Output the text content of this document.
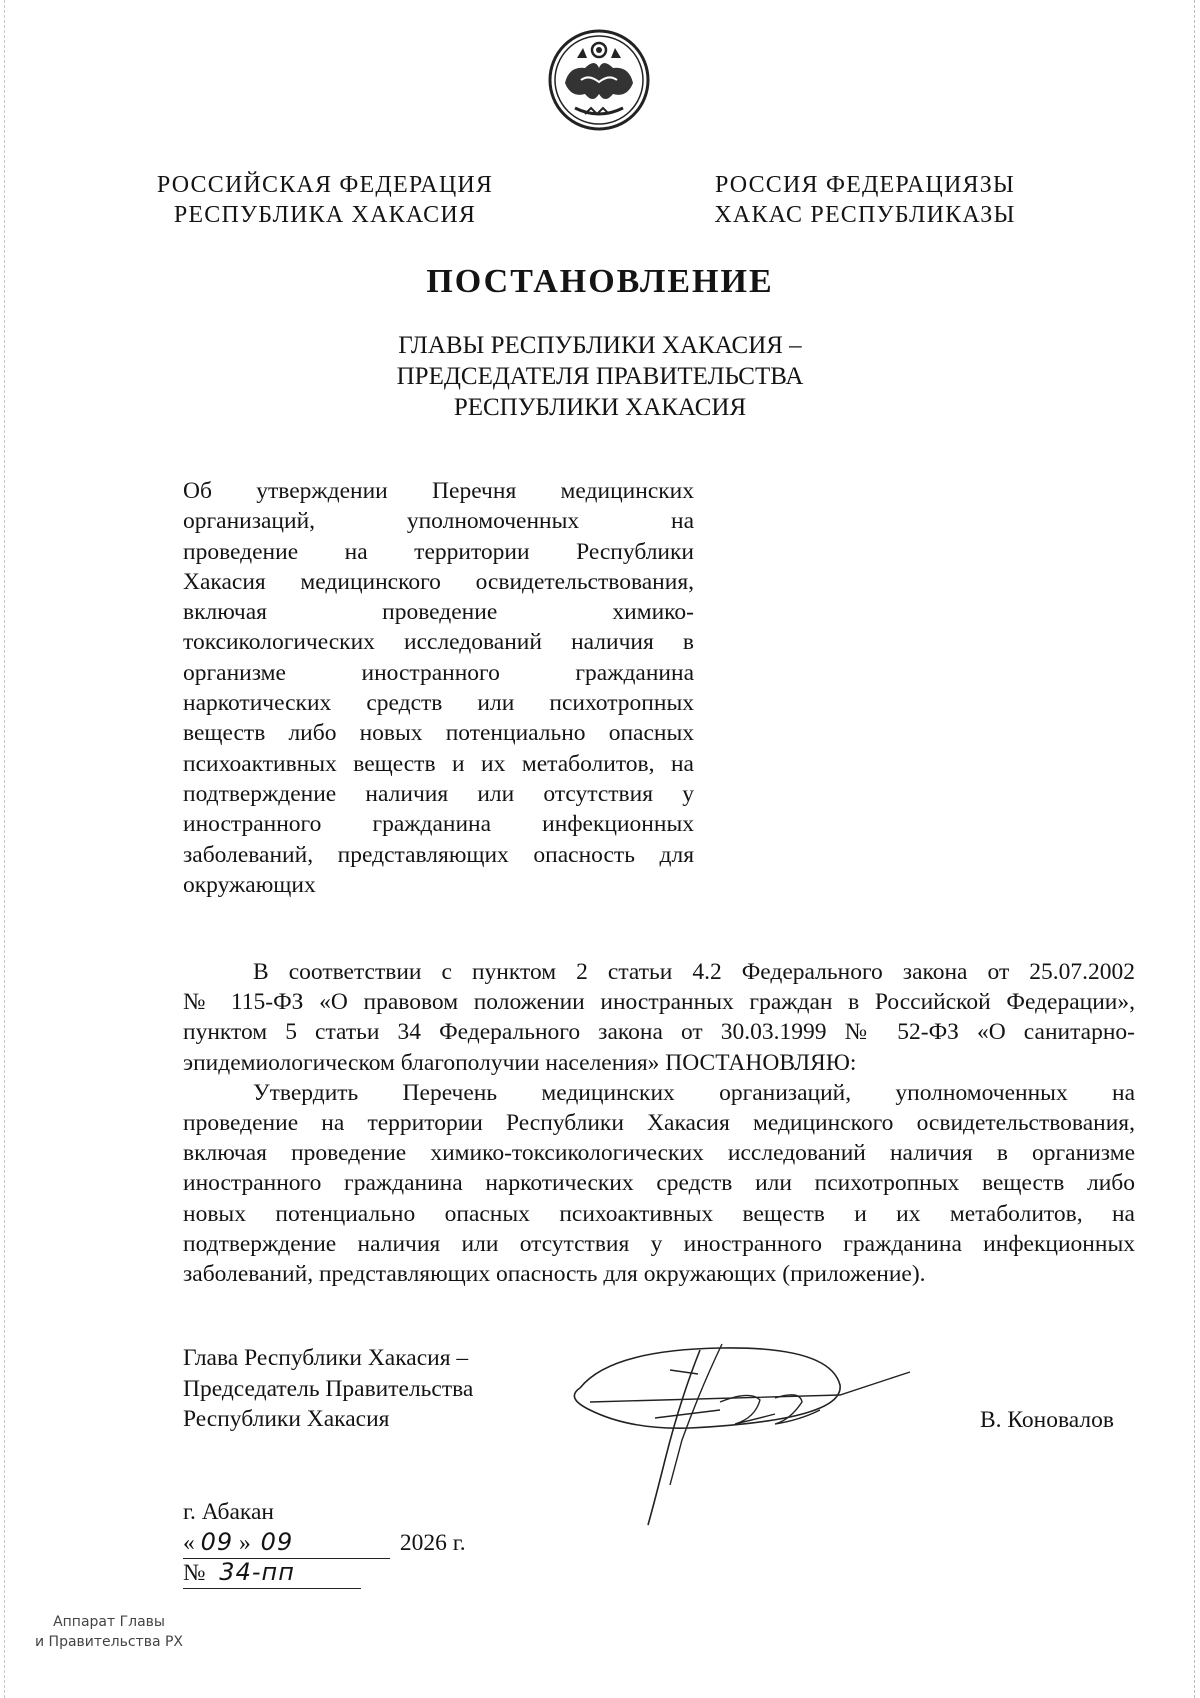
РОССИЙСКАЯ ФЕДЕРАЦИЯ
РЕСПУБЛИКА ХАКАСИЯ
РОССИЯ ФЕДЕРАЦИЯЗЫ
ХАКАС РЕСПУБЛИКАЗЫ
ПОСТАНОВЛЕНИЕ
ГЛАВЫ РЕСПУБЛИКИ ХАКАСИЯ –
ПРЕДСЕДАТЕЛЯ ПРАВИТЕЛЬСТВА
РЕСПУБЛИКИ ХАКАСИЯ
Об утверждении Перечня медицинских
организаций, уполномоченных на
проведение на территории Республики
Хакасия медицинского освидетельствования,
включая проведение химико-
токсикологических исследований наличия в
организме иностранного гражданина
наркотических средств или психотропных
веществ либо новых потенциально опасных
психоактивных веществ и их метаболитов, на
подтверждение наличия или отсутствия у
иностранного гражданина инфекционных
заболеваний, представляющих опасность для
окружающих
В соответствии с пунктом 2 статьи 4.2 Федерального закона от 25.07.2002
№ 115-ФЗ «О правовом положении иностранных граждан в Российской Федерации»,
пунктом 5 статьи 34 Федерального закона от 30.03.1999 № 52-ФЗ «О санитарно-
эпидемиологическом благополучии населения» ПОСТАНОВЛЯЮ:
Утвердить Перечень медицинских организаций, уполномоченных на
проведение на территории Республики Хакасия медицинского освидетельствования,
включая проведение химико-токсикологических исследований наличия в организме
иностранного гражданина наркотических средств или психотропных веществ либо
новых потенциально опасных психоактивных веществ и их метаболитов, на
подтверждение наличия или отсутствия у иностранного гражданина инфекционных
заболеваний, представляющих опасность для окружающих (приложение).
Глава Республики Хакасия –
Председатель Правительства
Республики Хакасия	В. Коновалов
г. Абакан
« 09 » 09	2026 г.
№ 34-пп
Аппарат Главы
и Правительства РХ
